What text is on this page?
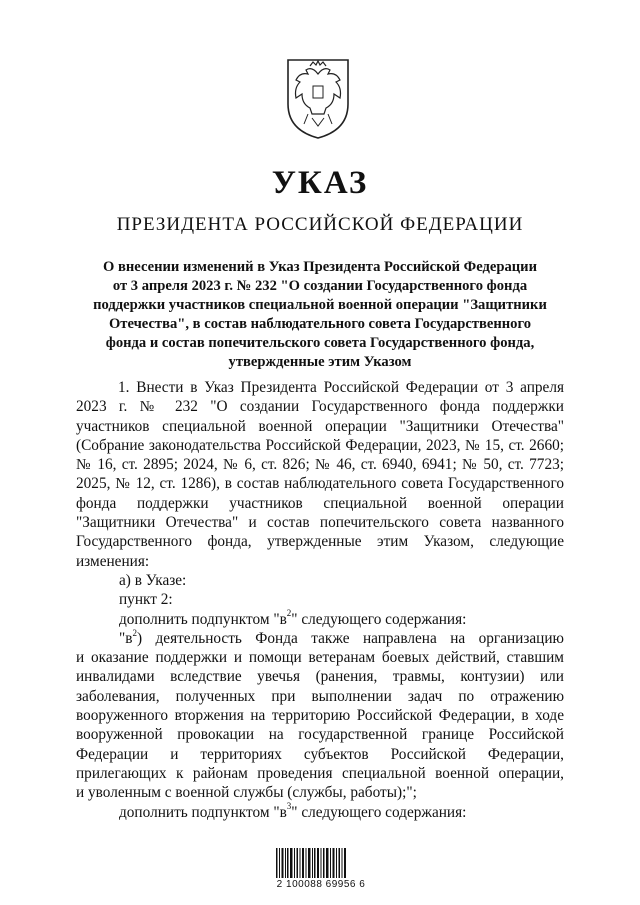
УКАЗ
ПРЕЗИДЕНТА РОССИЙСКОЙ ФЕДЕРАЦИИ
О внесении изменений в Указ Президента Российской Федерации
от 3 апреля 2023 г. № 232 "О создании Государственного фонда
поддержки участников специальной военной операции "Защитники
Отечества", в состав наблюдательного совета Государственного
фонда и состав попечительского совета Государственного фонда,
утвержденные этим Указом
1. Внести в Указ Президента Российской Федерации от 3 апреля
2023 г. № 232 "О создании Государственного фонда поддержки
участников специальной военной операции "Защитники Отечества"
(Собрание законодательства Российской Федерации, 2023, № 15, ст. 2660;
№ 16, ст. 2895; 2024, № 6, ст. 826; № 46, ст. 6940, 6941; № 50, ст. 7723;
2025, № 12, ст. 1286), в состав наблюдательного совета Государственного
фонда поддержки участников специальной военной операции
"Защитники Отечества" и состав попечительского совета названного
Государственного фонда, утвержденные этим Указом, следующие
изменения:
а) в Указе:
пункт 2:
дополнить подпунктом "$в^2$" следующего содержания:
"$в^2$) деятельность Фонда также направлена на организацию
и оказание поддержки и помощи ветеранам боевых действий, ставшим
инвалидами вследствие увечья (ранения, травмы, контузии) или
заболевания, полученных при выполнении задач по отражению
вооруженного вторжения на территорию Российской Федерации, в ходе
вооруженной провокации на государственной границе Российской
Федерации и территориях субъектов Российской Федерации,
прилегающих к районам проведения специальной военной операции,
и уволенным с военной службы (службы, работы);";
дополнить подпунктом "$в^3$" следующего содержания:
2 100088 69956 6
